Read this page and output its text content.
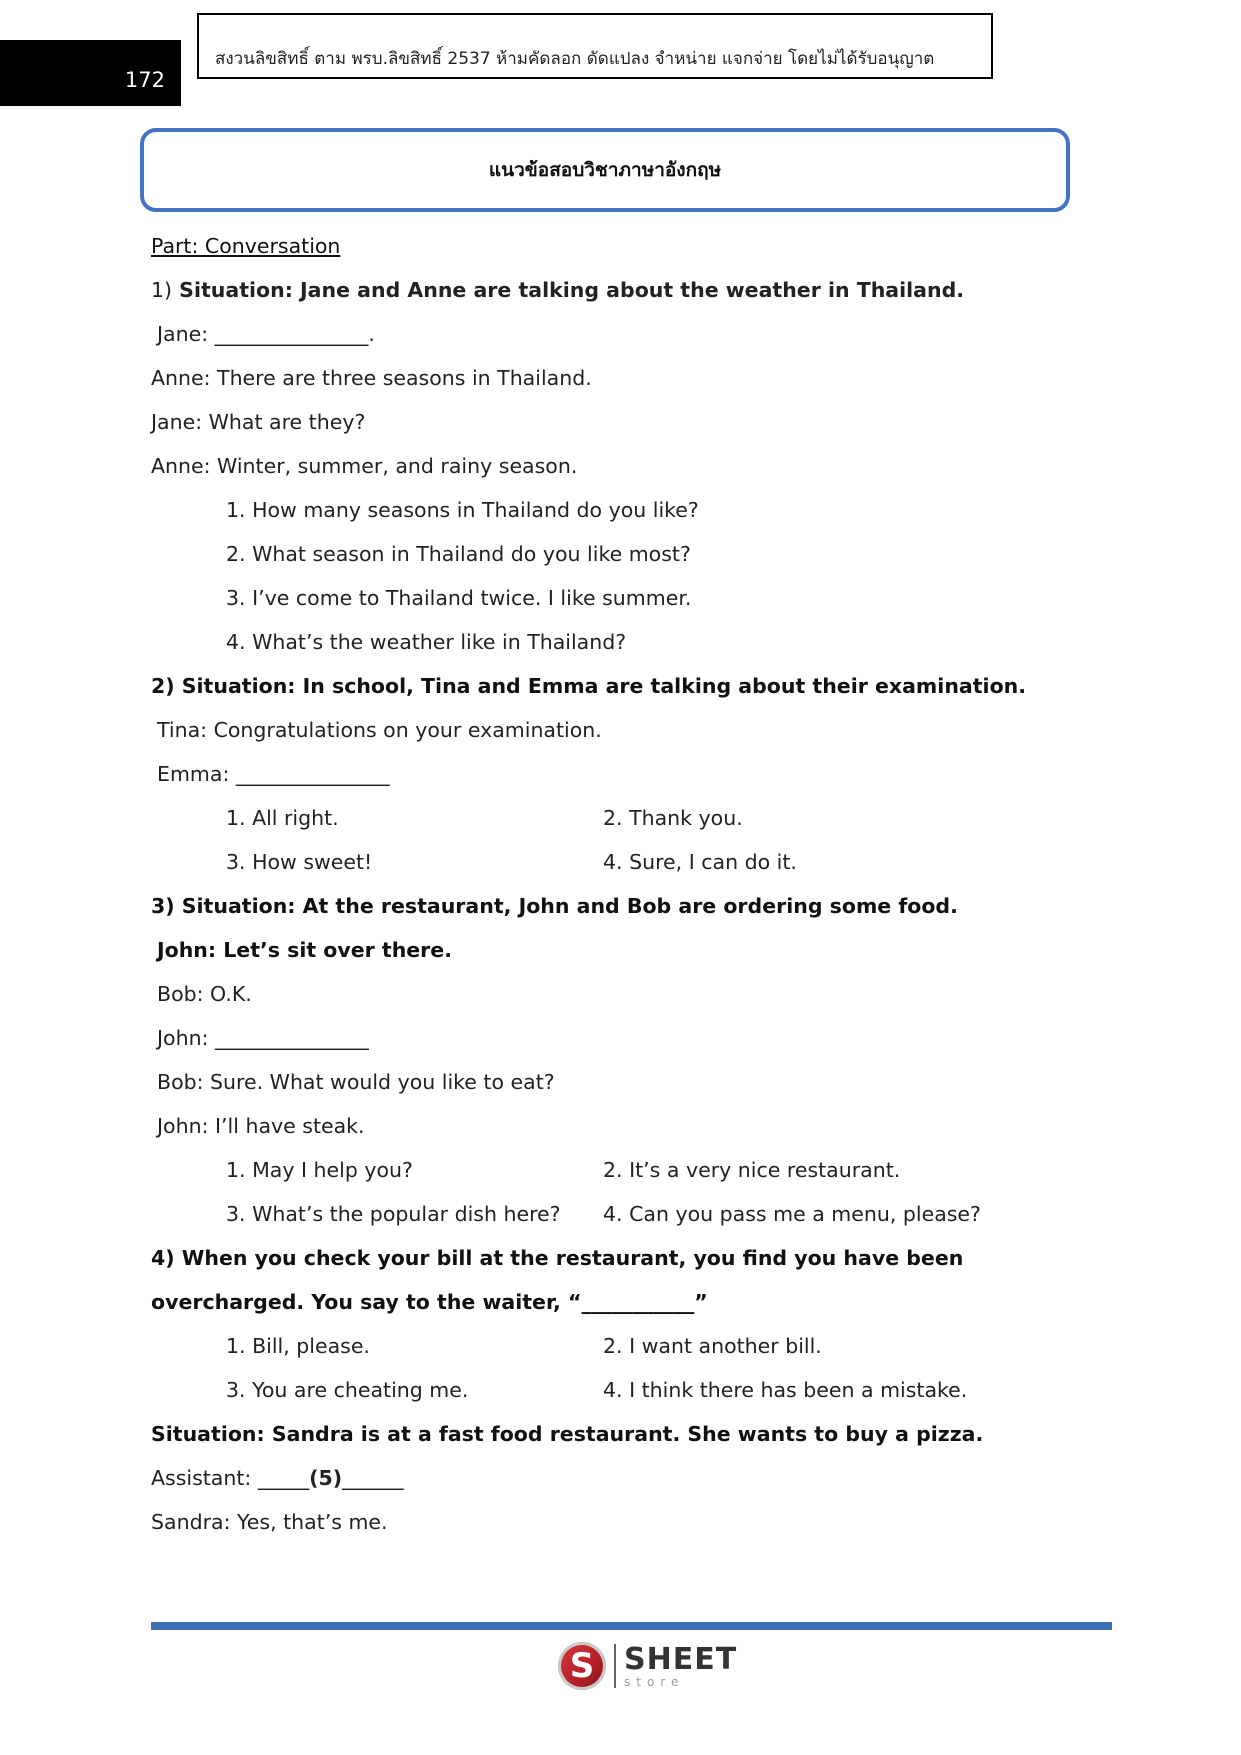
172
สงวนลิขสิทธิ์ ตาม พรบ.ลิขสิทธิ์ 2537 ห้ามคัดลอก ดัดแปลง จำหน่าย แจกจ่าย โดยไม่ได้รับอนุญาต
แนวข้อสอบวิชาภาษาอังกฤษ
Part: Conversation
1) Situation: Jane and Anne are talking about the weather in Thailand.
Jane: _______________.
Anne: There are three seasons in Thailand.
Jane: What are they?
Anne: Winter, summer, and rainy season.
1. How many seasons in Thailand do you like?
2. What season in Thailand do you like most?
3. I’ve come to Thailand twice. I like summer.
4. What’s the weather like in Thailand?
2) Situation: In school, Tina and Emma are talking about their examination.
Tina: Congratulations on your examination.
Emma: _______________
1. All right.	2. Thank you.
3. How sweet!	4. Sure, I can do it.
3) Situation: At the restaurant, John and Bob are ordering some food.
John: Let’s sit over there.
Bob: O.K.
John: _______________
Bob: Sure. What would you like to eat?
John: I’ll have steak.
1. May I help you?	2. It’s a very nice restaurant.
3. What’s the popular dish here?	4. Can you pass me a menu, please?
4) When you check your bill at the restaurant, you find you have been
overcharged. You say to the waiter, “___________”
1. Bill, please.	2. I want another bill.
3. You are cheating me.	4. I think there has been a mistake.
Situation: Sandra is at a fast food restaurant. She wants to buy a pizza.
Assistant: _____(5)______
Sandra: Yes, that’s me.
S SHEET
store
